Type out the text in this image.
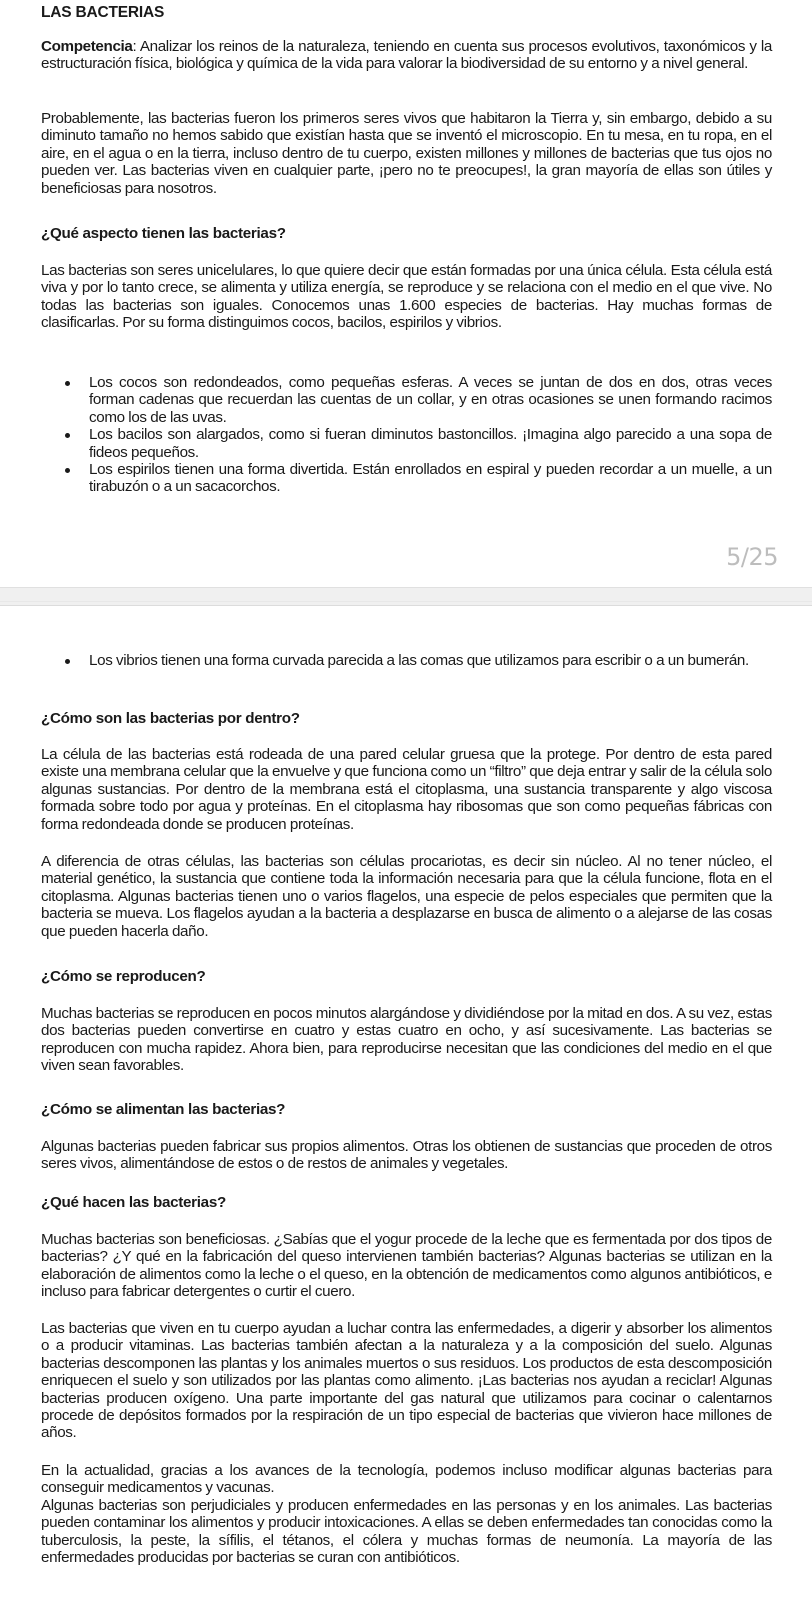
LAS BACTERIAS
Competencia: Analizar los reinos de la naturaleza, teniendo en cuenta sus procesos evolutivos, taxonómicos y la estructuración física, biológica y química de la vida para valorar la biodiversidad de su entorno y a nivel general.
Probablemente, las bacterias fueron los primeros seres vivos que habitaron la Tierra y, sin embargo, debido a su diminuto tamaño no hemos sabido que existían hasta que se inventó el microscopio. En tu mesa, en tu ropa, en el aire, en el agua o en la tierra, incluso dentro de tu cuerpo, existen millones y millones de bacterias que tus ojos no pueden ver. Las bacterias viven en cualquier parte, ¡pero no te preocupes!, la gran mayoría de ellas son útiles y beneficiosas para nosotros.
¿Qué aspecto tienen las bacterias?
Las bacterias son seres unicelulares, lo que quiere decir que están formadas por una única célula. Esta célula está viva y por lo tanto crece, se alimenta y utiliza energía, se reproduce y se relaciona con el medio en el que vive. No todas las bacterias son iguales. Conocemos unas 1.600 especies de bacterias. Hay muchas formas de clasificarlas. Por su forma distinguimos cocos, bacilos, espirilos y vibrios.
Los cocos son redondeados, como pequeñas esferas. A veces se juntan de dos en dos, otras veces forman cadenas que recuerdan las cuentas de un collar, y en otras ocasiones se unen formando racimos como los de las uvas.
Los bacilos son alargados, como si fueran diminutos bastoncillos. ¡Imagina algo parecido a una sopa de fideos pequeños.
Los espirilos tienen una forma divertida. Están enrollados en espiral y pueden recordar a un muelle, a un tirabuzón o a un sacacorchos.
5/25
Los vibrios tienen una forma curvada parecida a las comas que utilizamos para escribir o a un bumerán.
¿Cómo son las bacterias por dentro?
La célula de las bacterias está rodeada de una pared celular gruesa que la protege. Por dentro de esta pared existe una membrana celular que la envuelve y que funciona como un “filtro” que deja entrar y salir de la célula solo algunas sustancias. Por dentro de la membrana está el citoplasma, una sustancia transparente y algo viscosa formada sobre todo por agua y proteínas. En el citoplasma hay ribosomas que son como pequeñas fábricas con forma redondeada donde se producen proteínas.
A diferencia de otras células, las bacterias son células procariotas, es decir sin núcleo. Al no tener núcleo, el material genético, la sustancia que contiene toda la información necesaria para que la célula funcione, flota en el citoplasma. Algunas bacterias tienen uno o varios flagelos, una especie de pelos especiales que permiten que la bacteria se mueva. Los flagelos ayudan a la bacteria a desplazarse en busca de alimento o a alejarse de las cosas que pueden hacerla daño.
¿Cómo se reproducen?
Muchas bacterias se reproducen en pocos minutos alargándose y dividiéndose por la mitad en dos. A su vez, estas dos bacterias pueden convertirse en cuatro y estas cuatro en ocho, y así sucesivamente. Las bacterias se reproducen con mucha rapidez. Ahora bien, para reproducirse necesitan que las condiciones del medio en el que viven sean favorables.
¿Cómo se alimentan las bacterias?
Algunas bacterias pueden fabricar sus propios alimentos. Otras los obtienen de sustancias que proceden de otros seres vivos, alimentándose de estos o de restos de animales y vegetales.
¿Qué hacen las bacterias?
Muchas bacterias son beneficiosas. ¿Sabías que el yogur procede de la leche que es fermentada por dos tipos de bacterias? ¿Y qué en la fabricación del queso intervienen también bacterias? Algunas bacterias se utilizan en la elaboración de alimentos como la leche o el queso, en la obtención de medicamentos como algunos antibióticos, e incluso para fabricar detergentes o curtir el cuero.
Las bacterias que viven en tu cuerpo ayudan a luchar contra las enfermedades, a digerir y absorber los alimentos o a producir vitaminas. Las bacterias también afectan a la naturaleza y a la composición del suelo. Algunas bacterias descomponen las plantas y los animales muertos o sus residuos. Los productos de esta descomposición enriquecen el suelo y son utilizados por las plantas como alimento. ¡Las bacterias nos ayudan a reciclar! Algunas bacterias producen oxígeno. Una parte importante del gas natural que utilizamos para cocinar o calentarnos procede de depósitos formados por la respiración de un tipo especial de bacterias que vivieron hace millones de años.
En la actualidad, gracias a los avances de la tecnología, podemos incluso modificar algunas bacterias para conseguir medicamentos y vacunas.
Algunas bacterias son perjudiciales y producen enfermedades en las personas y en los animales. Las bacterias pueden contaminar los alimentos y producir intoxicaciones. A ellas se deben enfermedades tan conocidas como la tuberculosis, la peste, la sífilis, el tétanos, el cólera y muchas formas de neumonía. La mayoría de las enfermedades producidas por bacterias se curan con antibióticos.
